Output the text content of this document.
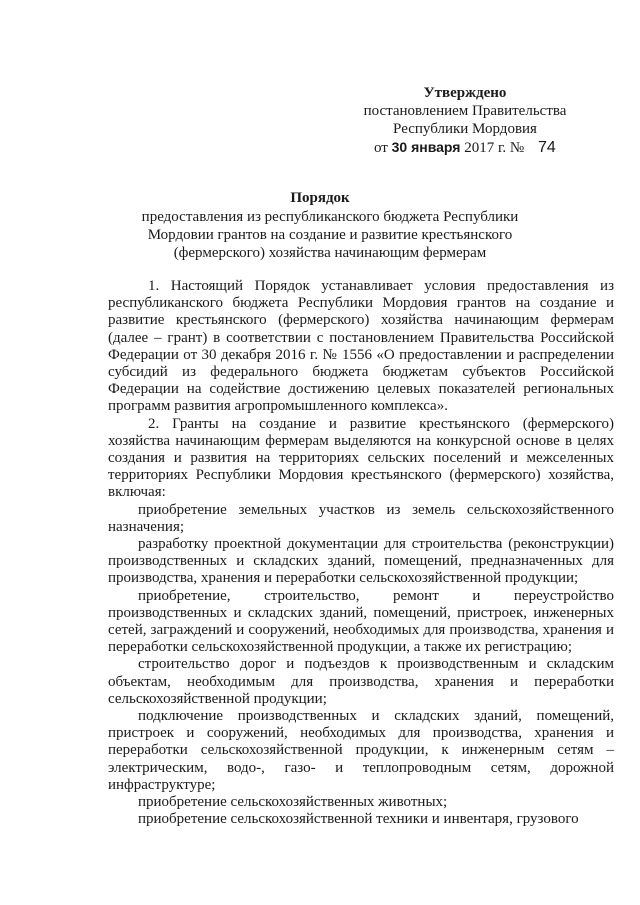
Утверждено
постановлением Правительства
Республики Мордовия
от 30 января 2017 г. № 74
Порядок
предоставления из республиканского бюджета Республики Мордовии грантов на создание и развитие крестьянского (фермерского) хозяйства начинающим фермерам

1. Настоящий Порядок устанавливает условия предоставления из республиканского бюджета Республики Мордовия грантов на создание и развитие крестьянского (фермерского) хозяйства начинающим фермерам (далее – грант) в соответствии с постановлением Правительства Российской Федерации от 30 декабря 2016 г. № 1556 «О предоставлении и распределении субсидий из федерального бюджета бюджетам субъектов Российской Федерации на содействие достижению целевых показателей региональных программ развития агропромышленного комплекса».

2. Гранты на создание и развитие крестьянского (фермерского) хозяйства начинающим фермерам выделяются на конкурсной основе в целях создания и развития на территориях сельских поселений и межселенных территориях Республики Мордовия крестьянского (фермерского) хозяйства, включая:

приобретение земельных участков из земель сельскохозяйственного назначения;

разработку проектной документации для строительства (реконструкции) производственных и складских зданий, помещений, предназначенных для производства, хранения и переработки сельскохозяйственной продукции;

приобретение, строительство, ремонт и переустройство производственных и складских зданий, помещений, пристроек, инженерных сетей, заграждений и сооружений, необходимых для производства, хранения и переработки сельскохозяйственной продукции, а также их регистрацию;

строительство дорог и подъездов к производственным и складским объектам, необходимым для производства, хранения и переработки сельскохозяйственной продукции;

подключение производственных и складских зданий, помещений, пристроек и сооружений, необходимых для производства, хранения и переработки сельскохозяйственной продукции, к инженерным сетям – электрическим, водо-, газо- и теплопроводным сетям, дорожной инфраструктуре;

приобретение сельскохозяйственных животных;

приобретение сельскохозяйственной техники и инвентаря, грузового
